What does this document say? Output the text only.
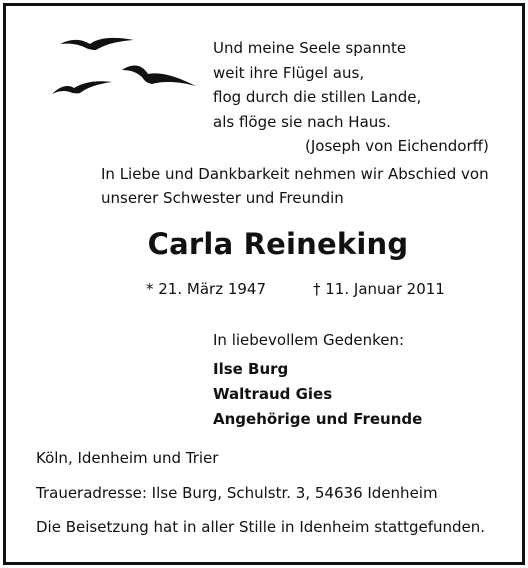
Und meine Seele spannte
weit ihre Flügel aus,
flog durch die stillen Lande,
als flöge sie nach Haus.
(Joseph von Eichendorff)
In Liebe und Dankbarkeit nehmen wir Abschied von
unserer Schwester und Freundin
Carla Reineking
* 21. März 1947	† 11. Januar 2011
In liebevollem Gedenken:
Ilse Burg
Waltraud Gies
Angehörige und Freunde
Köln, Idenheim und Trier
Traueradresse: Ilse Burg, Schulstr. 3, 54636 Idenheim
Die Beisetzung hat in aller Stille in Idenheim stattgefunden.
